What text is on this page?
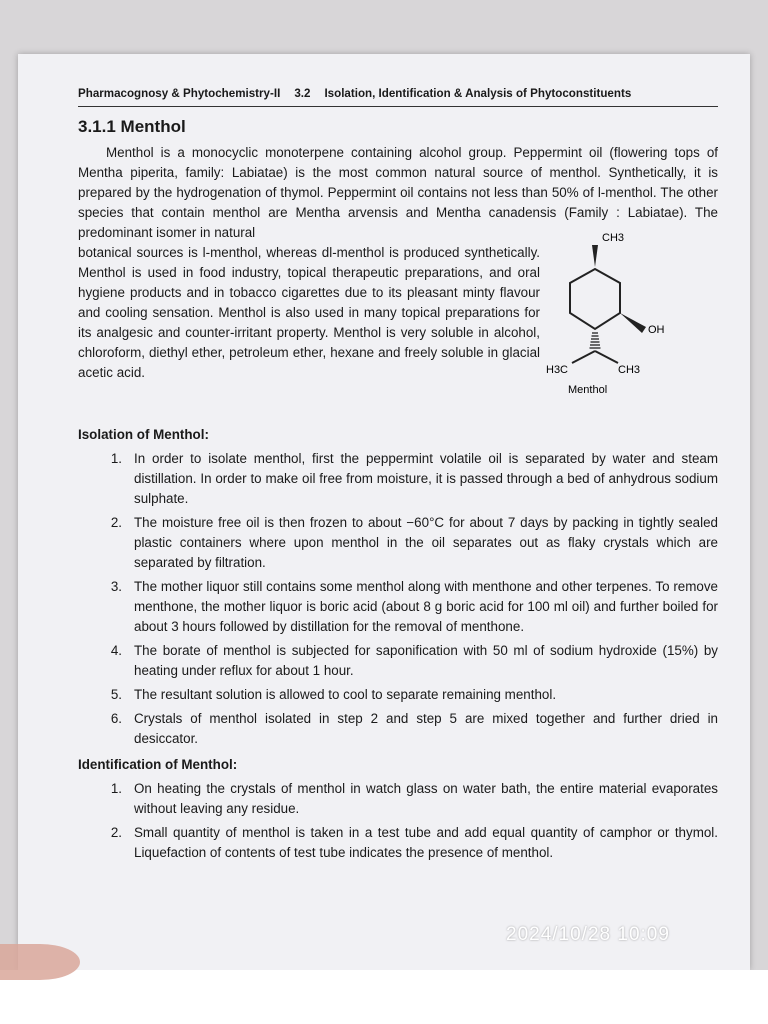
Pharmacognosy & Phytochemistry-II 3.2 Isolation, Identification & Analysis of Phytoconstituents
3.1.1 Menthol

Menthol is a monocyclic monoterpene containing alcohol group. Peppermint oil (flowering tops of Mentha piperita, family: Labiatae) is the most common natural source of menthol. Synthetically, it is prepared by the hydrogenation of thymol. Peppermint oil contains not less than 50% of l-menthol. The other species that contain menthol are Mentha arvensis and Mentha canadensis (Family : Labiatae). The predominant isomer in natural

botanical sources is l-menthol, whereas dl-menthol is produced synthetically. Menthol is used in food industry, topical therapeutic preparations, and oral hygiene products and in tobacco cigarettes due to its pleasant minty flavour and cooling sensation. Menthol is also used in many topical preparations for its analgesic and counter-irritant property. Menthol is very soluble in alcohol, chloroform, diethyl ether, petroleum ether, hexane and freely soluble in glacial acetic acid.
CH3
OH
H3C	CH3
Menthol
Isolation of Menthol:
1. In order to isolate menthol, first the peppermint volatile oil is separated by water and steam distillation. In order to make oil free from moisture, it is passed through a bed of anhydrous sodium sulphate.
2. The moisture free oil is then frozen to about −60°C for about 7 days by packing in tightly sealed plastic containers where upon menthol in the oil separates out as flaky crystals which are separated by filtration.
3. The mother liquor still contains some menthol along with menthone and other terpenes. To remove menthone, the mother liquor is boric acid (about 8 g boric acid for 100 ml oil) and further boiled for about 3 hours followed by distillation for the removal of menthone.
4. The borate of menthol is subjected for saponification with 50 ml of sodium hydroxide (15%) by heating under reflux for about 1 hour.
5. The resultant solution is allowed to cool to separate remaining menthol.
6. Crystals of menthol isolated in step 2 and step 5 are mixed together and further dried in desiccator.
Identification of Menthol:
1. On heating the crystals of menthol in watch glass on water bath, the entire material evaporates without leaving any residue.
2. Small quantity of menthol is taken in a test tube and add equal quantity of camphor or thymol. Liquefaction of contents of test tube indicates the presence of menthol.
2024/10/28 10:09
